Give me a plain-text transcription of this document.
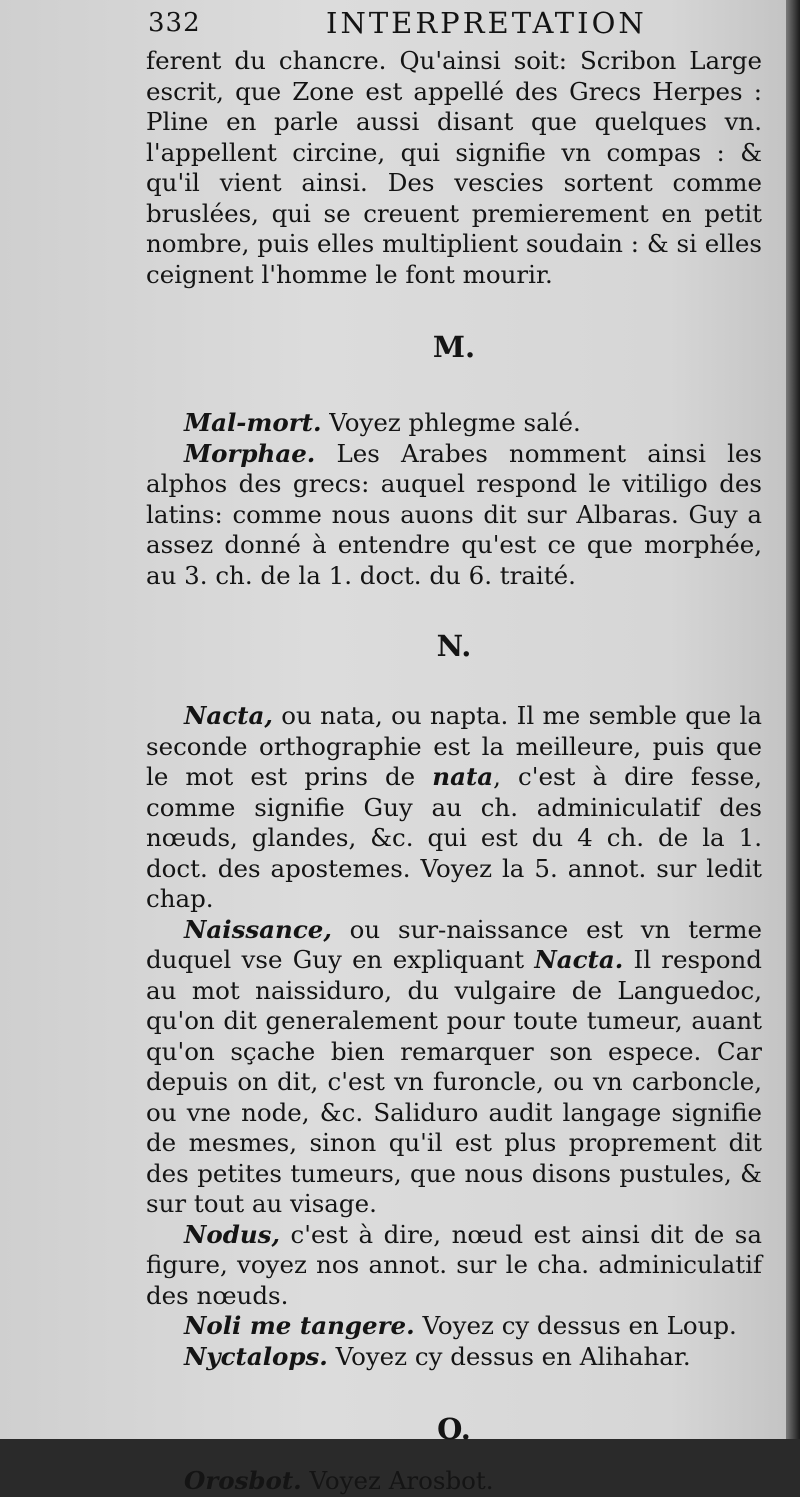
332	INTERPRETATION

ferent du chancre. Qu'ainsi soit: Scribon Large escrit, que Zone est appellé des Grecs Herpes : Pline en parle aussi disant que quelques vn. l'appellent circine, qui signifie vn compas : & qu'il vient ainsi. Des vescies sortent comme bruslées, qui se creuent premierement en petit nombre, puis elles multiplient soudain : & si elles ceignent l'homme le font mourir.

M.

Mal-mort. Voyez phlegme salé.

Morphae. Les Arabes nomment ainsi les alphos des grecs: auquel respond le vitiligo des latins: comme nous auons dit sur Albaras. Guy a assez donné à entendre qu'est ce que morphée, au 3. ch. de la 1. doct. du 6. traité.

N.

Nacta, ou nata, ou napta. Il me semble que la seconde orthographie est la meilleure, puis que le mot est prins de nata, c'est à dire fesse, comme signifie Guy au ch. adminiculatif des nœuds, glandes, &c. qui est du 4 ch. de la 1. doct. des apostemes. Voyez la 5. annot. sur ledit chap.

Naissance, ou sur-naissance est vn terme duquel vse Guy en expliquant Nacta. Il respond au mot naissiduro, du vulgaire de Languedoc, qu'on dit generalement pour toute tumeur, auant qu'on sçache bien remarquer son espece. Car depuis on dit, c'est vn furoncle, ou vn carboncle, ou vne node, &c. Saliduro audit langage signifie de mesmes, sinon qu'il est plus proprement dit des petites tumeurs, que nous disons pustules, & sur tout au visage.

Nodus, c'est à dire, nœud est ainsi dit de sa figure, voyez nos annot. sur le cha. adminiculatif des nœuds.

Noli me tangere. Voyez cy dessus en Loup.

Nyctalops. Voyez cy dessus en Alihahar.

O.

Orosbot. Voyez Arosbot.
